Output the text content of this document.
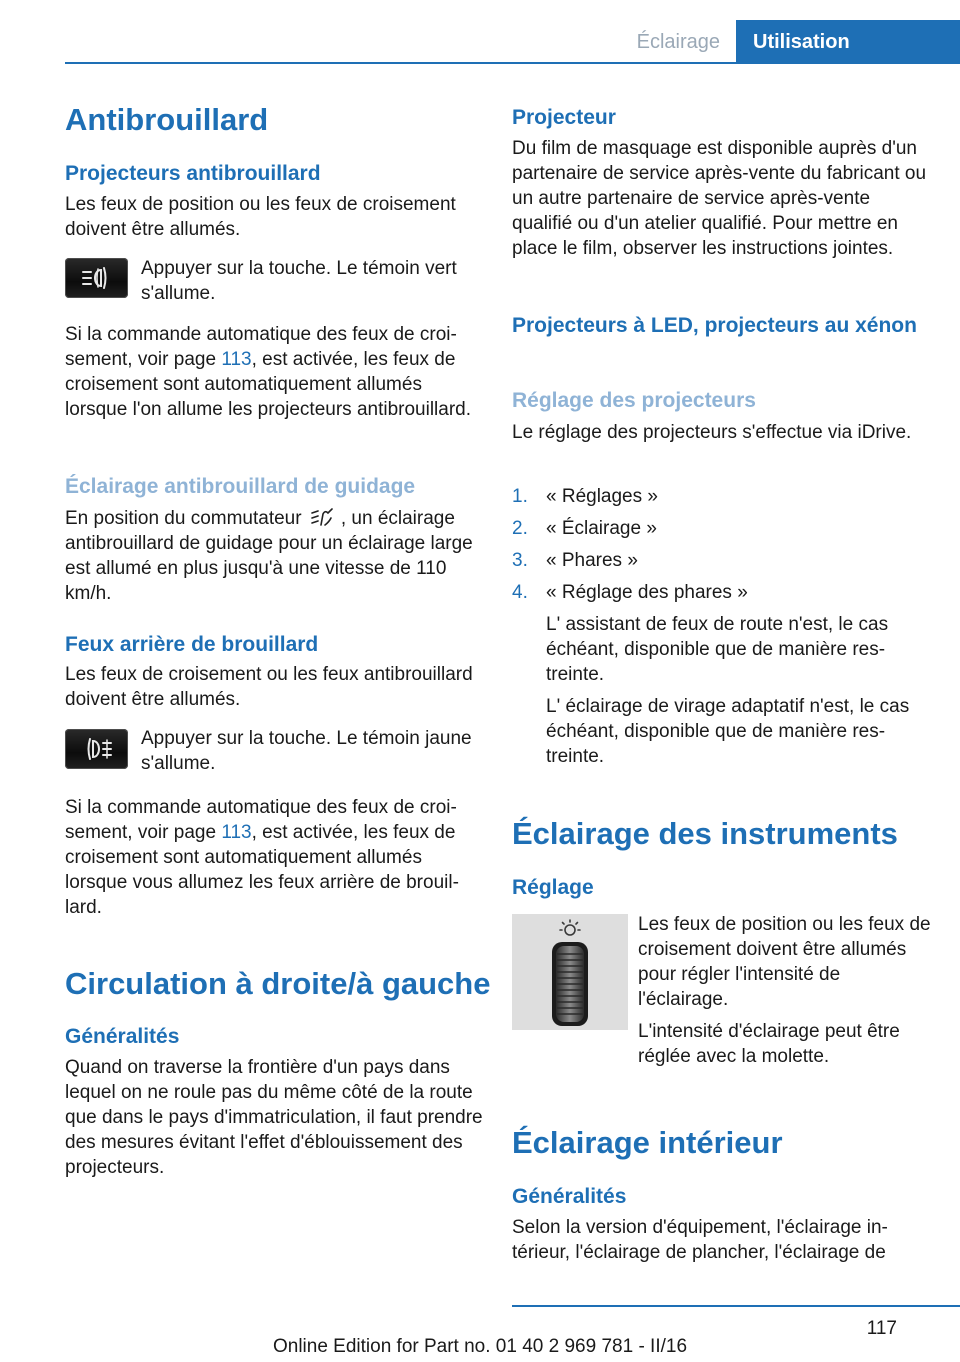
Éclairage	Utilisation
Antibrouillard
Projecteurs antibrouillard

Les feux de position ou les feux de croisement doivent être allumés.

Appuyer sur la touche. Le témoin vert s'allume.

Si la commande automatique des feux de croisement, voir page 113, est activée, les feux de croisement sont automatiquement allumés lorsque l'on allume les projecteurs antibrouillard.

Éclairage antibrouillard de guidage

En position du commutateur , un éclairage antibrouillard de guidage pour un éclairage large est allumé en plus jusqu'à une vitesse de 110 km/h.

Feux arrière de brouillard

Les feux de croisement ou les feux antibrouillard doivent être allumés.

Appuyer sur la touche. Le témoin jaune s'allume.

Si la commande automatique des feux de croisement, voir page 113, est activée, les feux de croisement sont automatiquement allumés lorsque vous allumez les feux arrière de brouillard.

Circulation à droite/à gauche
Généralités

Quand on traverse la frontière d'un pays dans lequel on ne roule pas du même côté de la route que dans le pays d'immatriculation, il faut prendre des mesures évitant l'effet d'éblouissement des projecteurs.

Projecteur

Du film de masquage est disponible auprès d'un partenaire de service après-vente du fabricant ou un autre partenaire de service après-vente qualifié ou d'un atelier qualifié. Pour mettre en place le film, observer les instructions jointes.

Projecteurs à LED, projecteurs au xénon
Réglage des projecteurs

Le réglage des projecteurs s'effectue via iDrive.

1. « Réglages »
2. « Éclairage »
3. « Phares »
4. « Réglage des phares »
L' assistant de feux de route n'est, le cas échéant, disponible que de manière restreinte.
L' éclairage de virage adaptatif n'est, le cas échéant, disponible que de manière restreinte.
Éclairage des instruments
Réglage

Les feux de position ou les feux de croisement doivent être allumés pour régler l'intensité de l'éclairage.

L'intensité d'éclairage peut être réglée avec la molette.

Éclairage intérieur
Généralités

Selon la version d'équipement, l'éclairage intérieur, l'éclairage de plancher, l'éclairage de

117
Online Edition for Part no. 01 40 2 969 781 - II/16
